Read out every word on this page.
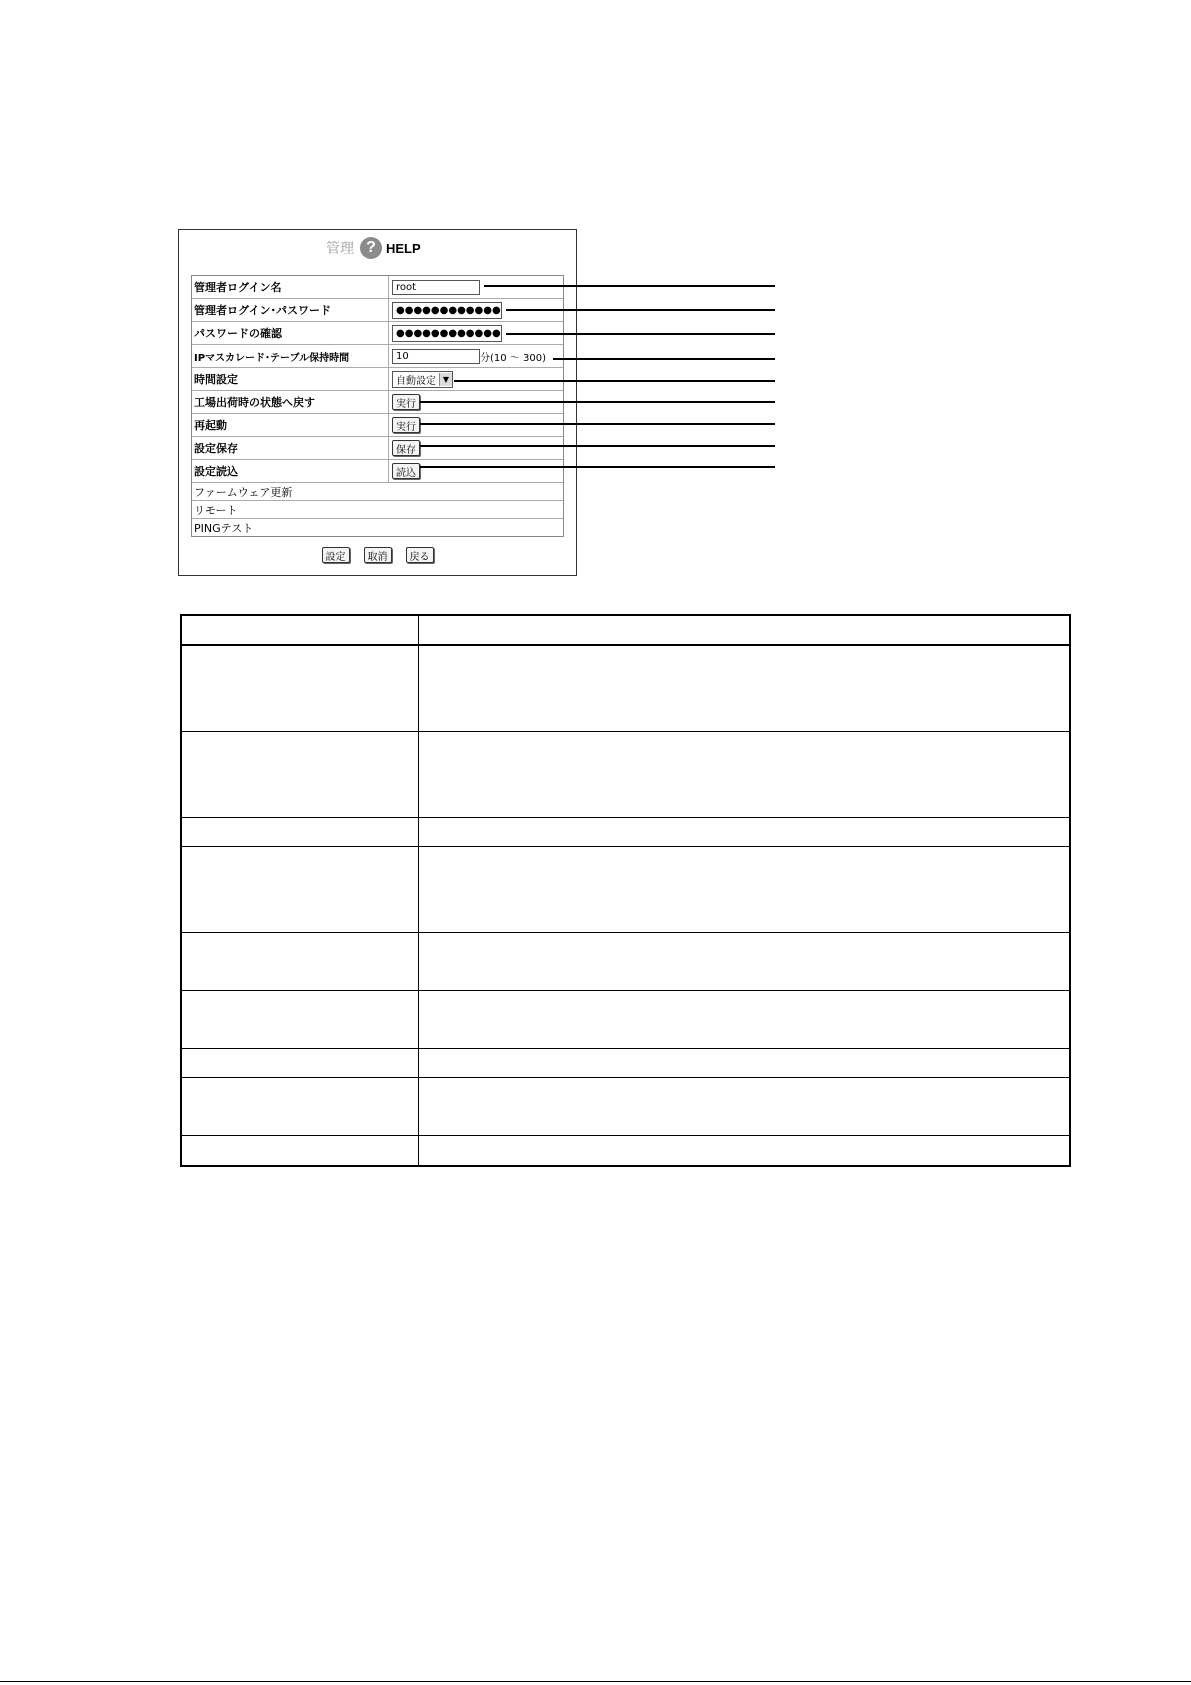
管理 ? HELP
管理者ログイン名	root
管理者ログイン･パスワード	●●●●●●●●●●●●
パスワードの確認	●●●●●●●●●●●●
IPマスカレード･テーブル保持時間	10	分(10 ～ 300)
時間設定	自動設定 ▼
工場出荷時の状態へ戻す	実行
再起動	実行
設定保存	保存
設定読込	読込
ファームウェア更新
リモート
PINGテスト
設定	取消	戻る
